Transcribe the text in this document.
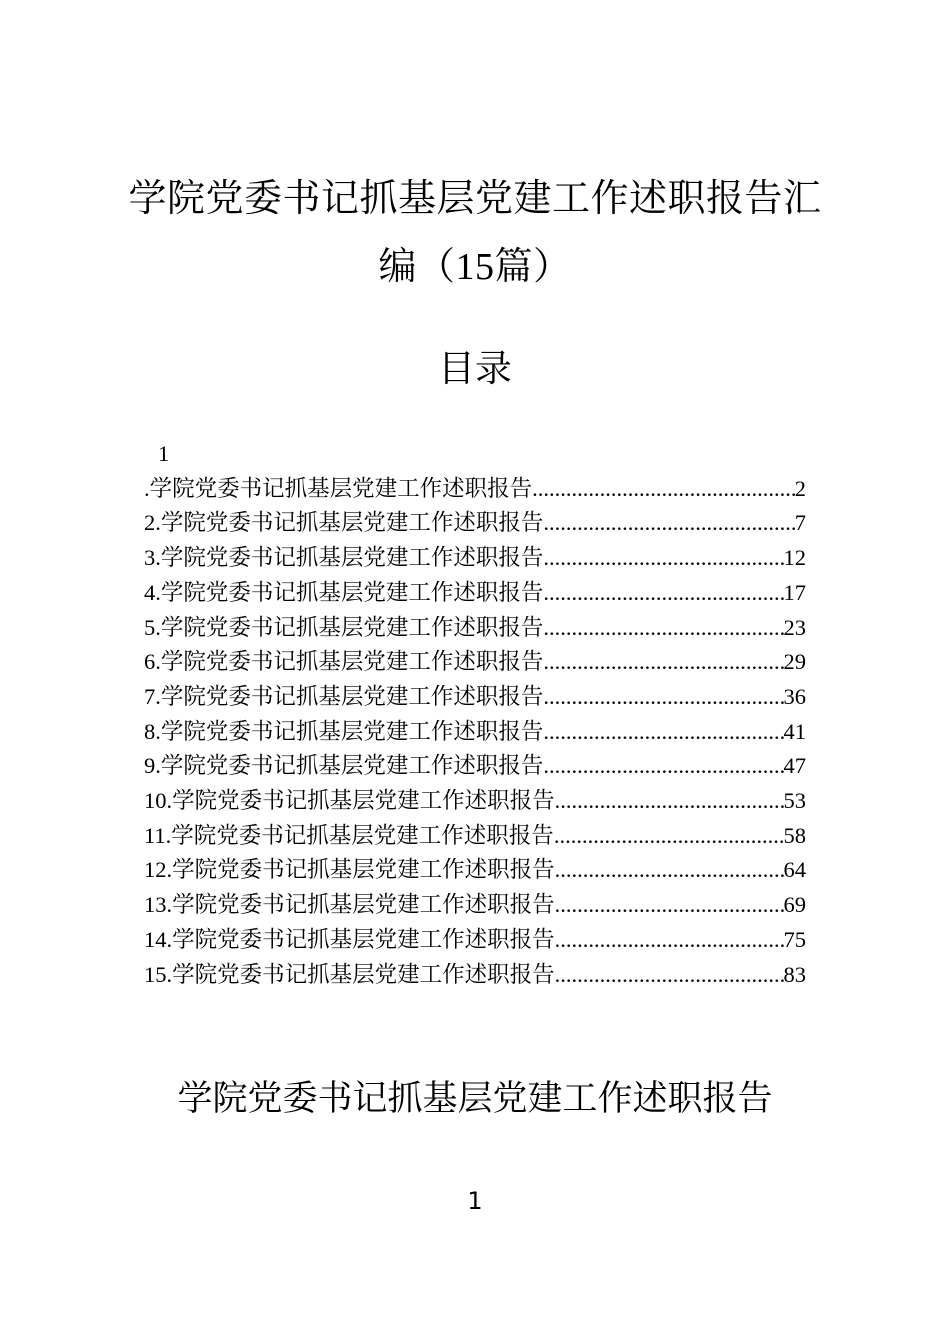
学院党委书记抓基层党建工作述职报告汇
编（15篇）
目录
1
. 学院党委书记抓基层党建工作述职报告 .....	2
2. 学院党委书记抓基层党建工作述职报告 .....	7
3. 学院党委书记抓基层党建工作述职报告 .....	12
4. 学院党委书记抓基层党建工作述职报告 .....	17
5. 学院党委书记抓基层党建工作述职报告 .....	23
6. 学院党委书记抓基层党建工作述职报告 .....	29
7. 学院党委书记抓基层党建工作述职报告 .....	36
8. 学院党委书记抓基层党建工作述职报告 .....	41
9. 学院党委书记抓基层党建工作述职报告 .....	47
10. 学院党委书记抓基层党建工作述职报告 .....	53
11. 学院党委书记抓基层党建工作述职报告 .....	58
12. 学院党委书记抓基层党建工作述职报告 .....	64
13. 学院党委书记抓基层党建工作述职报告 .....	69
14. 学院党委书记抓基层党建工作述职报告 .....	75
15. 学院党委书记抓基层党建工作述职报告 .....	83
学院党委书记抓基层党建工作述职报告
1
